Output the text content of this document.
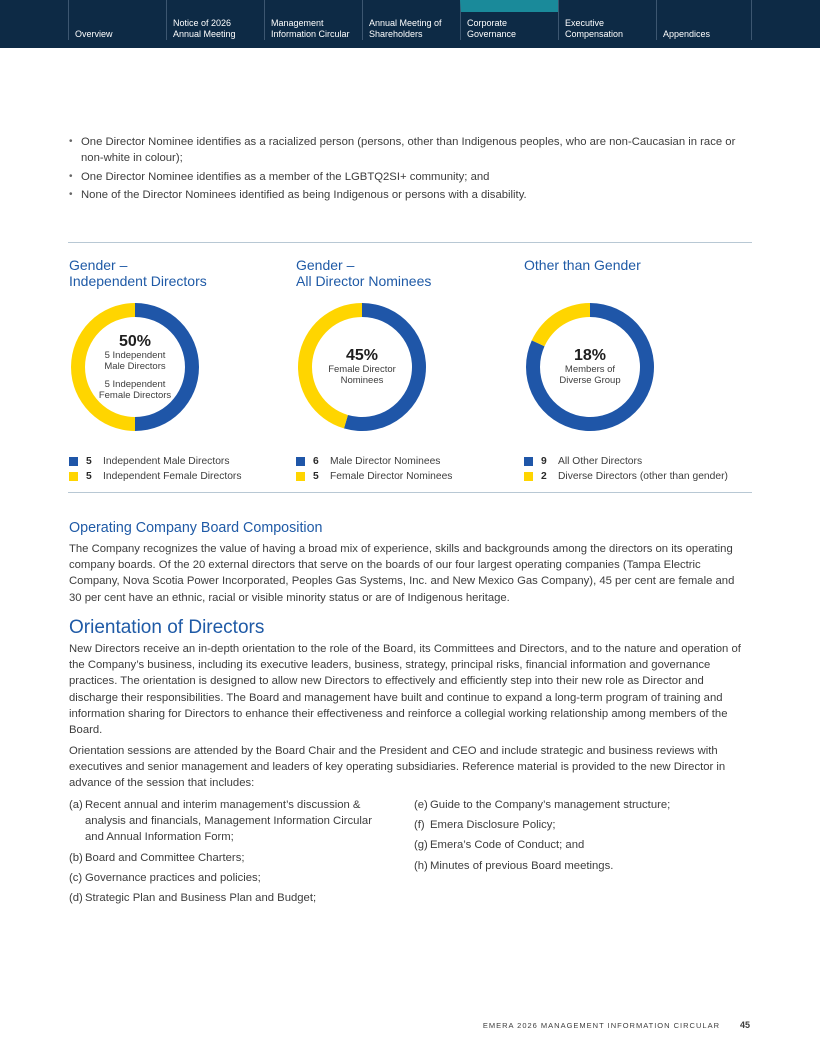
Overview
Notice of 2026
Annual Meeting
Management
Information Circular
Annual Meeting of
Shareholders
Corporate
Governance
Executive
Compensation	Appendices
• One Director Nominee identifies as a racialized person (persons, other than Indigenous peoples, who are non-Caucasian in race or non-white in colour);
• One Director Nominee identifies as a member of the LGBTQ2SI+ community; and
• None of the Director Nominees identified as being Indigenous or persons with a disability.
Gender –
Independent Directors
50%
5 Independent
Male Directors
5 Independent
Female Directors
5	Independent Male Directors
5	Independent Female Directors
Gender –
All Director Nominees
45%
Female Director
Nominees
6	Male Director Nominees
5	Female Director Nominees
Other than Gender
18%
Members of
Diverse Group
9	All Other Directors
2	Diverse Directors (other than gender)
Operating Company Board Composition
The Company recognizes the value of having a broad mix of experience, skills and backgrounds among the directors on its operating company boards. Of the 20 external directors that serve on the boards of our four largest operating companies (Tampa Electric Company, Nova Scotia Power Incorporated, Peoples Gas Systems, Inc. and New Mexico Gas Company), 45 per cent are female and 30 per cent have an ethnic, racial or visible minority status or are of Indigenous heritage.
Orientation of Directors
New Directors receive an in-depth orientation to the role of the Board, its Committees and Directors, and to the nature and operation of the Company’s business, including its executive leaders, business, strategy, principal risks, financial information and governance practices. The orientation is designed to allow new Directors to effectively and efficiently step into their new role as Director and discharge their responsibilities. The Board and management have built and continue to expand a long-term program of training and information sharing for Directors to enhance their effectiveness and reinforce a collegial working relationship among members of the Board.
Orientation sessions are attended by the Board Chair and the President and CEO and include strategic and business reviews with executives and senior management and leaders of key operating subsidiaries. Reference material is provided to the new Director in advance of the session that includes:
(a) Recent annual and interim management’s discussion & analysis and financials, Management Information Circular and Annual Information Form;
(b) Board and Committee Charters;
(c) Governance practices and policies;
(d) Strategic Plan and Business Plan and Budget;
(e) Guide to the Company’s management structure;
(f) Emera Disclosure Policy;
(g) Emera’s Code of Conduct; and
(h) Minutes of previous Board meetings.
EMERA 2026 MANAGEMENT INFORMATION CIRCULAR 45
